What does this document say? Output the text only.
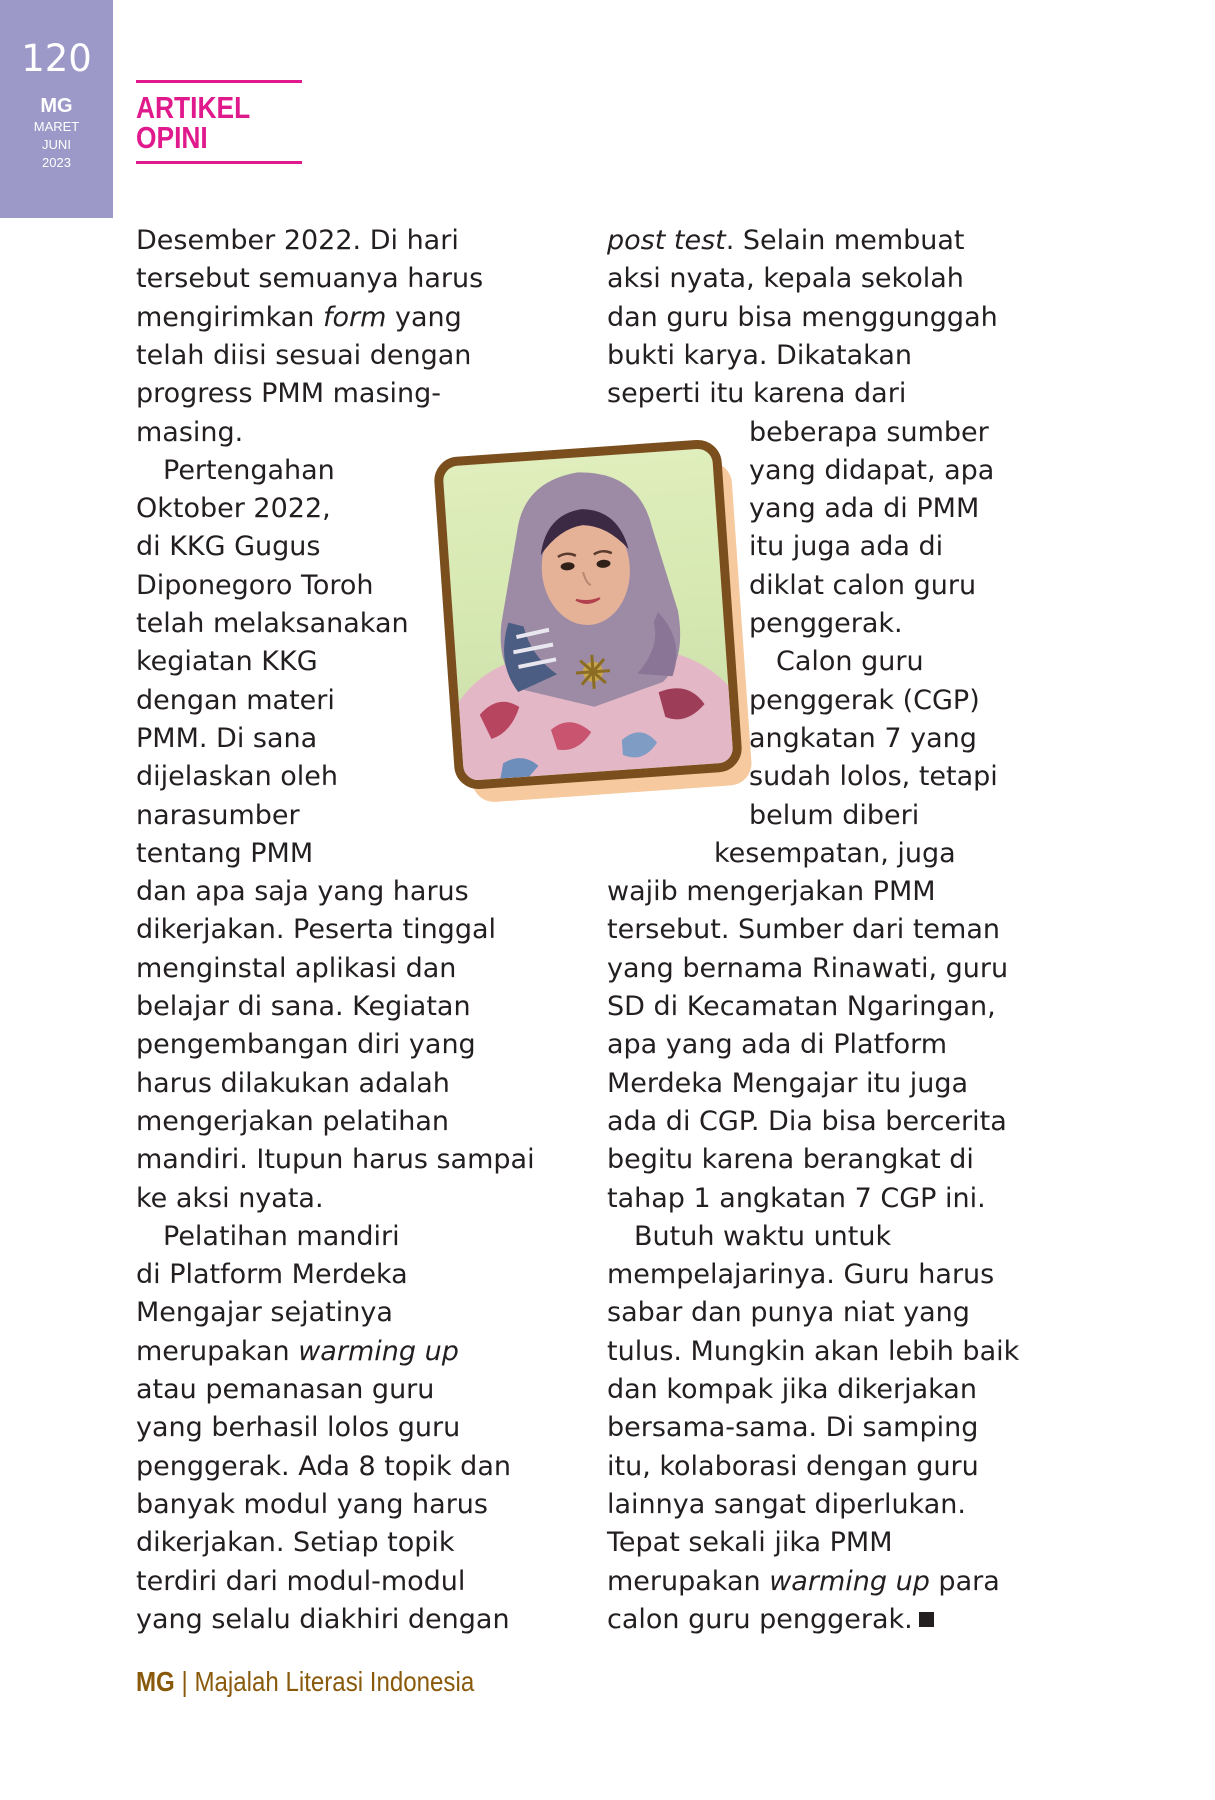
120
MG
MARET
JUNI
2023
ARTIKEL
OPINI
Desember 2022. Di hari
tersebut semuanya harus
mengirimkan form yang
telah diisi sesuai dengan
progress PMM masing-
masing.
 Pertengahan
Oktober 2022,
di KKG Gugus
Diponegoro Toroh
telah melaksanakan
kegiatan KKG
dengan materi
PMM. Di sana
dijelaskan oleh
narasumber
tentang PMM
dan apa saja yang harus
dikerjakan. Peserta tinggal
menginstal aplikasi dan
belajar di sana. Kegiatan
pengembangan diri yang
harus dilakukan adalah
mengerjakan pelatihan
mandiri. Itupun harus sampai
ke aksi nyata.
 Pelatihan mandiri
di Platform Merdeka
Mengajar sejatinya
merupakan warming up
atau pemanasan guru
yang berhasil lolos guru
penggerak. Ada 8 topik dan
banyak modul yang harus
dikerjakan. Setiap topik
terdiri dari modul-modul
yang selalu diakhiri dengan
post test. Selain membuat
aksi nyata, kepala sekolah
dan guru bisa menggunggah
bukti karya. Dikatakan
seperti itu karena dari
beberapa sumber
yang didapat, apa
yang ada di PMM
itu juga ada di
diklat calon guru
penggerak.
 Calon guru
penggerak (CGP)
angkatan 7 yang
sudah lolos, tetapi
belum diberi
kesempatan, juga
wajib mengerjakan PMM
tersebut. Sumber dari teman
yang bernama Rinawati, guru
SD di Kecamatan Ngaringan,
apa yang ada di Platform
Merdeka Mengajar itu juga
ada di CGP. Dia bisa bercerita
begitu karena berangkat di
tahap 1 angkatan 7 CGP ini.
 Butuh waktu untuk
mempelajarinya. Guru harus
sabar dan punya niat yang
tulus. Mungkin akan lebih baik
dan kompak jika dikerjakan
bersama-sama. Di samping
itu, kolaborasi dengan guru
lainnya sangat diperlukan.
Tepat sekali jika PMM
merupakan warming up para
calon guru penggerak.
MG | Majalah Literasi Indonesia
